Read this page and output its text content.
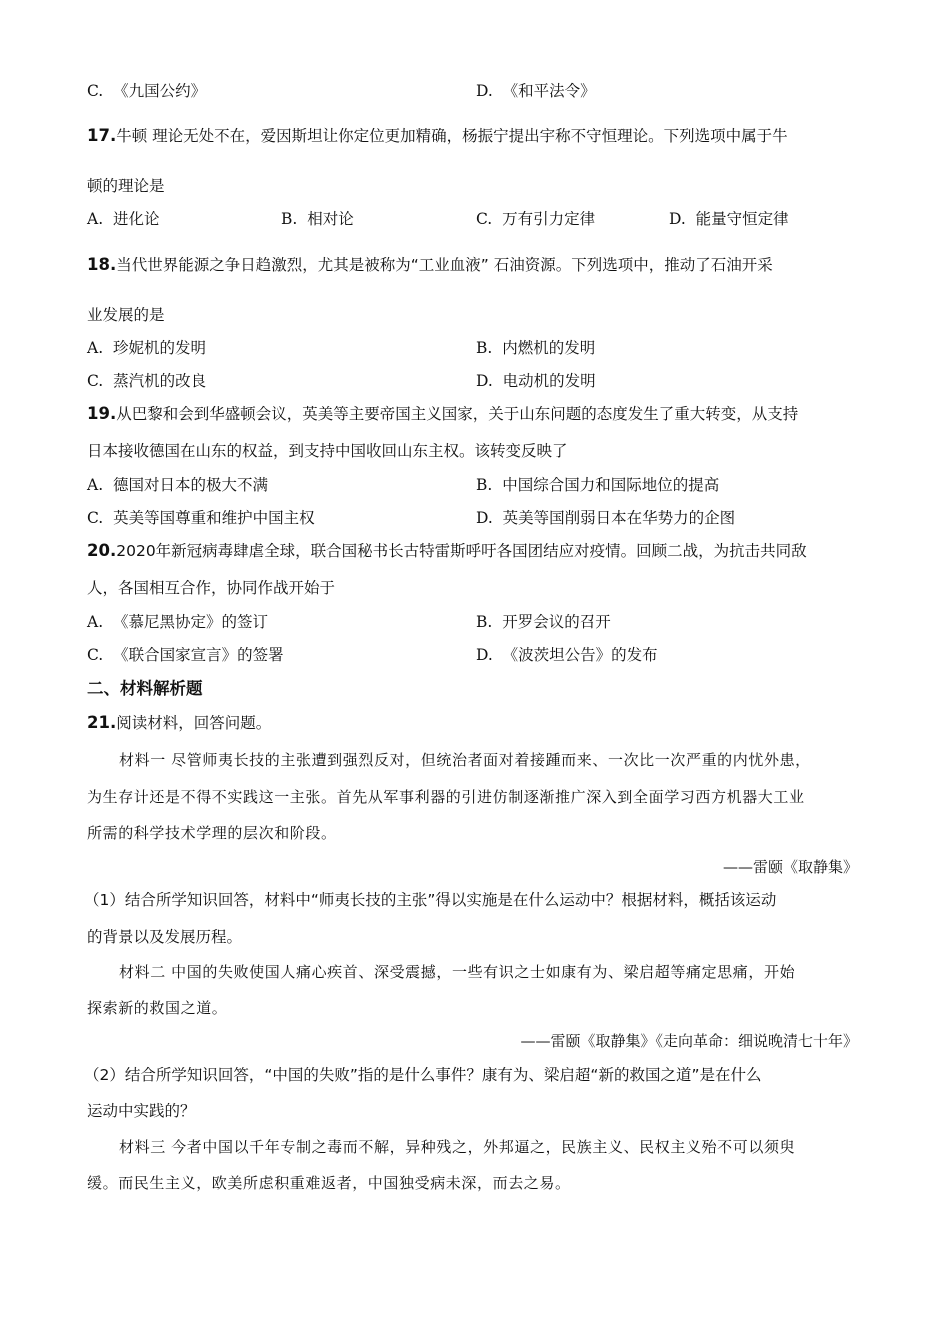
C. 《九国公约》	D. 《和平法令》
17.牛顿 理论无处不在，爱因斯坦让你定位更加精确，杨振宁提出宇称不守恒理论。下列选项中属于牛
顿的理论是
A. 进化论	B. 相对论	C. 万有引力定律	D. 能量守恒定律
18.当代世界能源之争日趋激烈，尤其是被称为“工业血液” 石油资源。下列选项中，推动了石油开采
业发展的是
A. 珍妮机的发明	B. 内燃机的发明
C. 蒸汽机的改良	D. 电动机的发明
19.从巴黎和会到华盛顿会议，英美等主要帝国主义国家，关于山东问题的态度发生了重大转变，从支持
日本接收德国在山东的权益，到支持中国收回山东主权。该转变反映了
A. 德国对日本的极大不满	B. 中国综合国力和国际地位的提高
C. 英美等国尊重和维护中国主权	D. 英美等国削弱日本在华势力的企图
20.2020年新冠病毒肆虐全球，联合国秘书长古特雷斯呼吁各国团结应对疫情。回顾二战，为抗击共同敌
人，各国相互合作，协同作战开始于
A. 《慕尼黑协定》的签订	B. 开罗会议的召开
C. 《联合国家宣言》的签署	D. 《波茨坦公告》的发布
二、材料解析题
21.阅读材料，回答问题。
材料一 尽管师夷长技的主张遭到强烈反对，但统治者面对着接踵而来、一次比一次严重的内忧外患，
为生存计还是不得不实践这一主张。首先从军事利器的引进仿制逐渐推广深入到全面学习西方机器大工业
所需的科学技术学理的层次和阶段。
——雷颐《取静集》
（1）结合所学知识回答，材料中“师夷长技的主张”得以实施是在什么运动中？根据材料，概括该运动
的背景以及发展历程。
材料二 中国的失败使国人痛心疾首、深受震撼，一些有识之士如康有为、梁启超等痛定思痛，开始
探索新的救国之道。
——雷颐《取静集》《走向革命：细说晚清七十年》
（2）结合所学知识回答，“中国的失败”指的是什么事件？康有为、梁启超“新的救国之道”是在什么
运动中实践的？
材料三 今者中国以千年专制之毒而不解，异种残之，外邦逼之，民族主义、民权主义殆不可以须臾
缓。而民生主义，欧美所虑积重难返者，中国独受病未深，而去之易。
